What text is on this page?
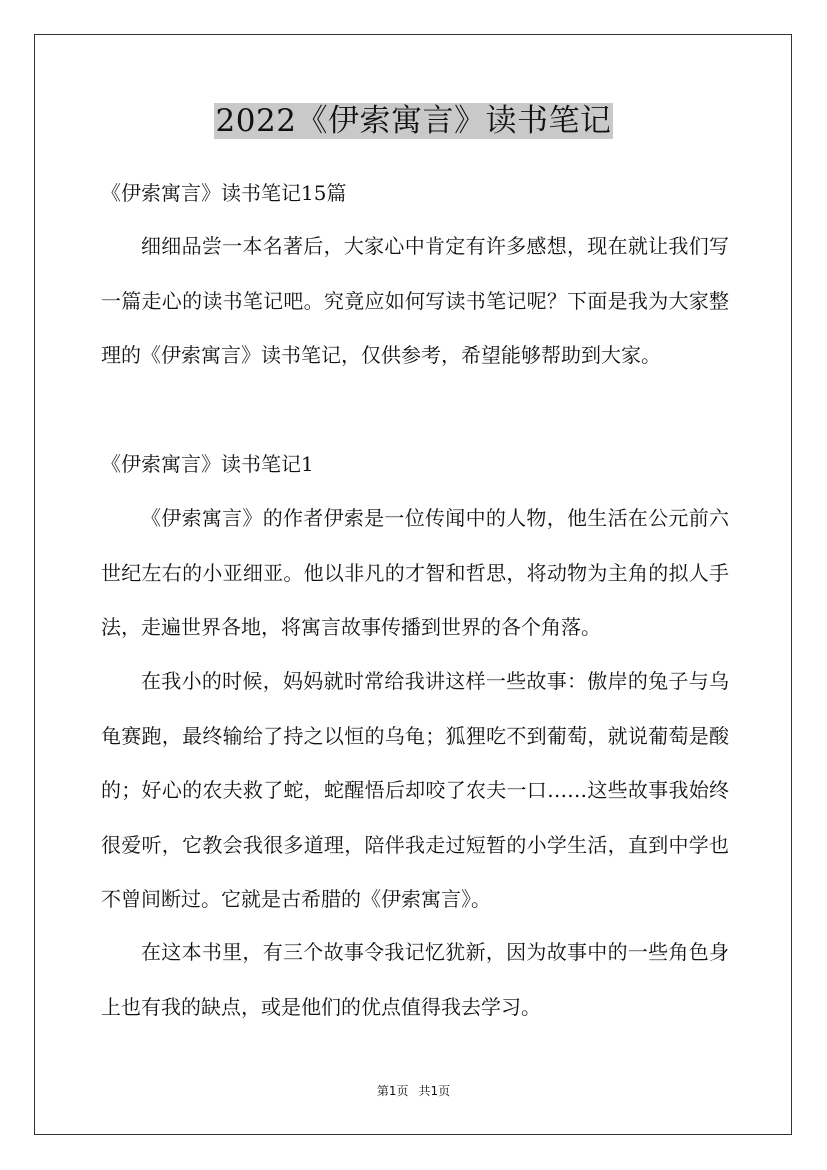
2022《伊索寓言》读书笔记

《伊索寓言》读书笔记15篇

细细品尝一本名著后，大家心中肯定有许多感想，现在就让我们写一篇走心的读书笔记吧。究竟应如何写读书笔记呢？下面是我为大家整理的《伊索寓言》读书笔记，仅供参考，希望能够帮助到大家。

《伊索寓言》读书笔记1

《伊索寓言》的作者伊索是一位传闻中的人物，他生活在公元前六世纪左右的小亚细亚。他以非凡的才智和哲思，将动物为主角的拟人手法，走遍世界各地，将寓言故事传播到世界的各个角落。

在我小的时候，妈妈就时常给我讲这样一些故事：傲岸的兔子与乌龟赛跑，最终输给了持之以恒的乌龟；狐狸吃不到葡萄，就说葡萄是酸的；好心的农夫救了蛇，蛇醒悟后却咬了农夫一口……这些故事我始终很爱听，它教会我很多道理，陪伴我走过短暂的小学生活，直到中学也不曾间断过。它就是古希腊的《伊索寓言》。

在这本书里，有三个故事令我记忆犹新，因为故事中的一些角色身上也有我的缺点，或是他们的优点值得我去学习。

第1页 共1页
